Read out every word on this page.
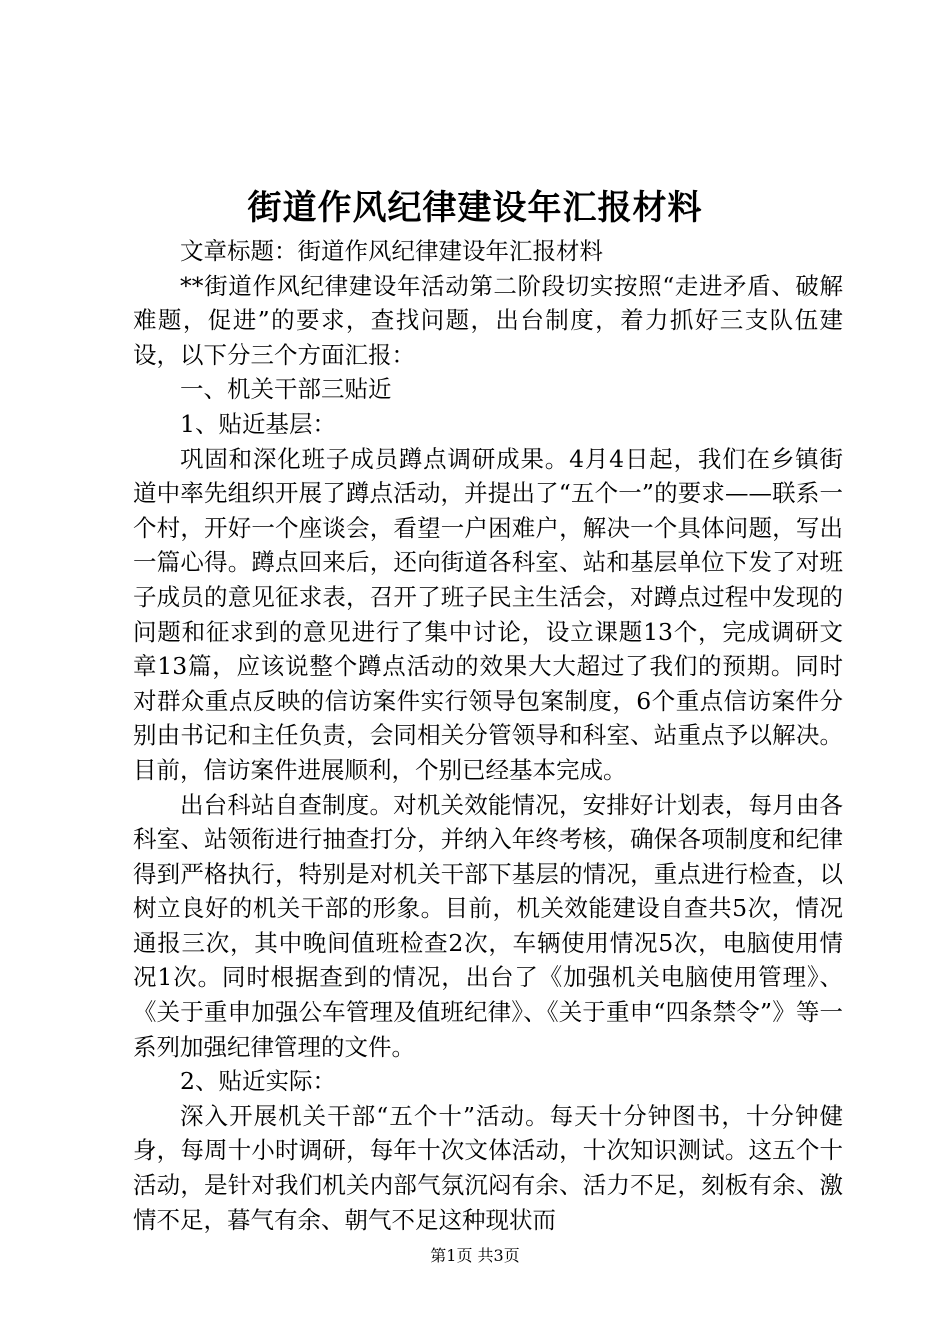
街道作风纪律建设年汇报材料

文章标题：街道作风纪律建设年汇报材料

**街道作风纪律建设年活动第二阶段切实按照“走进矛盾、破解难题，促进”的要求，查找问题，出台制度，着力抓好三支队伍建设，以下分三个方面汇报：

一、机关干部三贴近

1、贴近基层：

巩固和深化班子成员蹲点调研成果。4月4日起，我们在乡镇街道中率先组织开展了蹲点活动，并提出了“五个一”的要求——联系一个村，开好一个座谈会，看望一户困难户，解决一个具体问题，写出一篇心得。蹲点回来后，还向街道各科室、站和基层单位下发了对班子成员的意见征求表，召开了班子民主生活会，对蹲点过程中发现的问题和征求到的意见进行了集中讨论，设立课题13个，完成调研文章13篇，应该说整个蹲点活动的效果大大超过了我们的预期。同时对群众重点反映的信访案件实行领导包案制度，6个重点信访案件分别由书记和主任负责，会同相关分管领导和科室、站重点予以解决。目前，信访案件进展顺利，个别已经基本完成。

出台科站自查制度。对机关效能情况，安排好计划表，每月由各科室、站领衔进行抽查打分，并纳入年终考核，确保各项制度和纪律得到严格执行，特别是对机关干部下基层的情况，重点进行检查，以树立良好的机关干部的形象。目前，机关效能建设自查共5次，情况通报三次，其中晚间值班检查2次，车辆使用情况5次，电脑使用情况1次。同时根据查到的情况，出台了《加强机关电脑使用管理》、《关于重申加强公车管理及值班纪律》、《关于重申“四条禁令”》等一系列加强纪律管理的文件。

2、贴近实际：

深入开展机关干部“五个十”活动。每天十分钟图书，十分钟健身，每周十小时调研，每年十次文体活动，十次知识测试。这五个十活动，是针对我们机关内部气氛沉闷有余、活力不足，刻板有余、激情不足，暮气有余、朝气不足这种现状而

第1页 共3页
